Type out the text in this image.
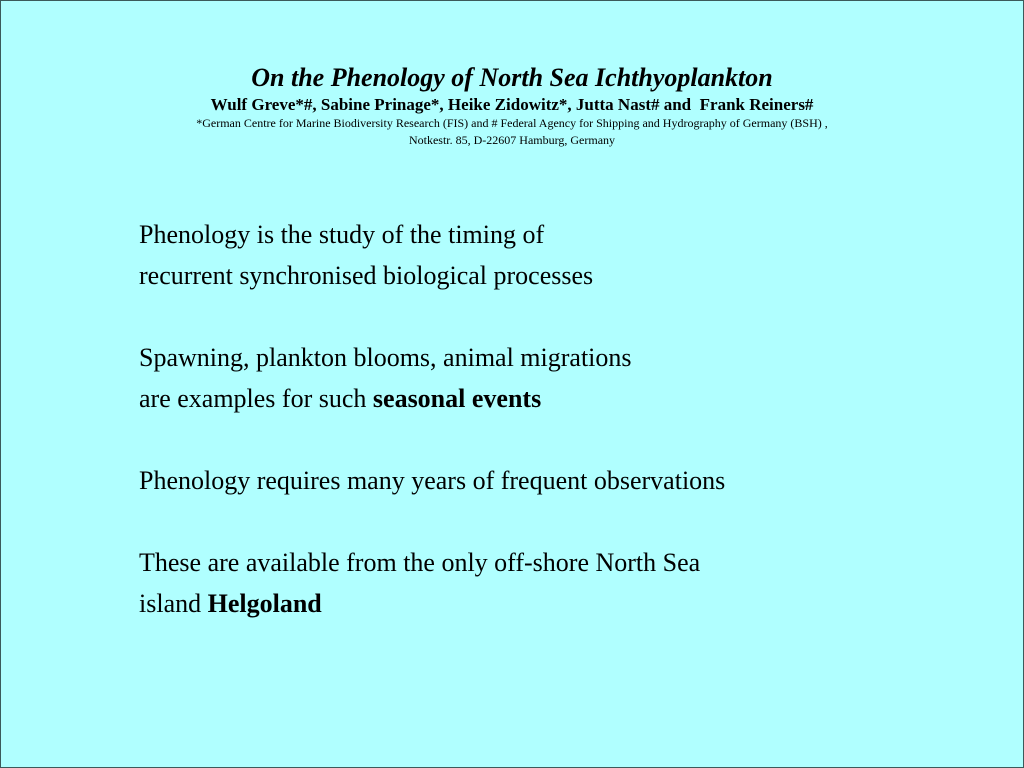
On the Phenology of North Sea Ichthyoplankton

Wulf Greve*#, Sabine Prinage*, Heike Zidowitz*, Jutta Nast# and  Frank Reiners#

*German Centre for Marine Biodiversity Research (FIS) and # Federal Agency for Shipping and Hydrography of Germany (BSH) ,

Notkestr. 85, D-22607 Hamburg, Germany

Phenology is the study of the timing of
recurrent synchronised biological processes

Spawning, plankton blooms, animal migrations
are examples for such seasonal events

Phenology requires many years of frequent observations

These are available from the only off-shore North Sea
island Helgoland
